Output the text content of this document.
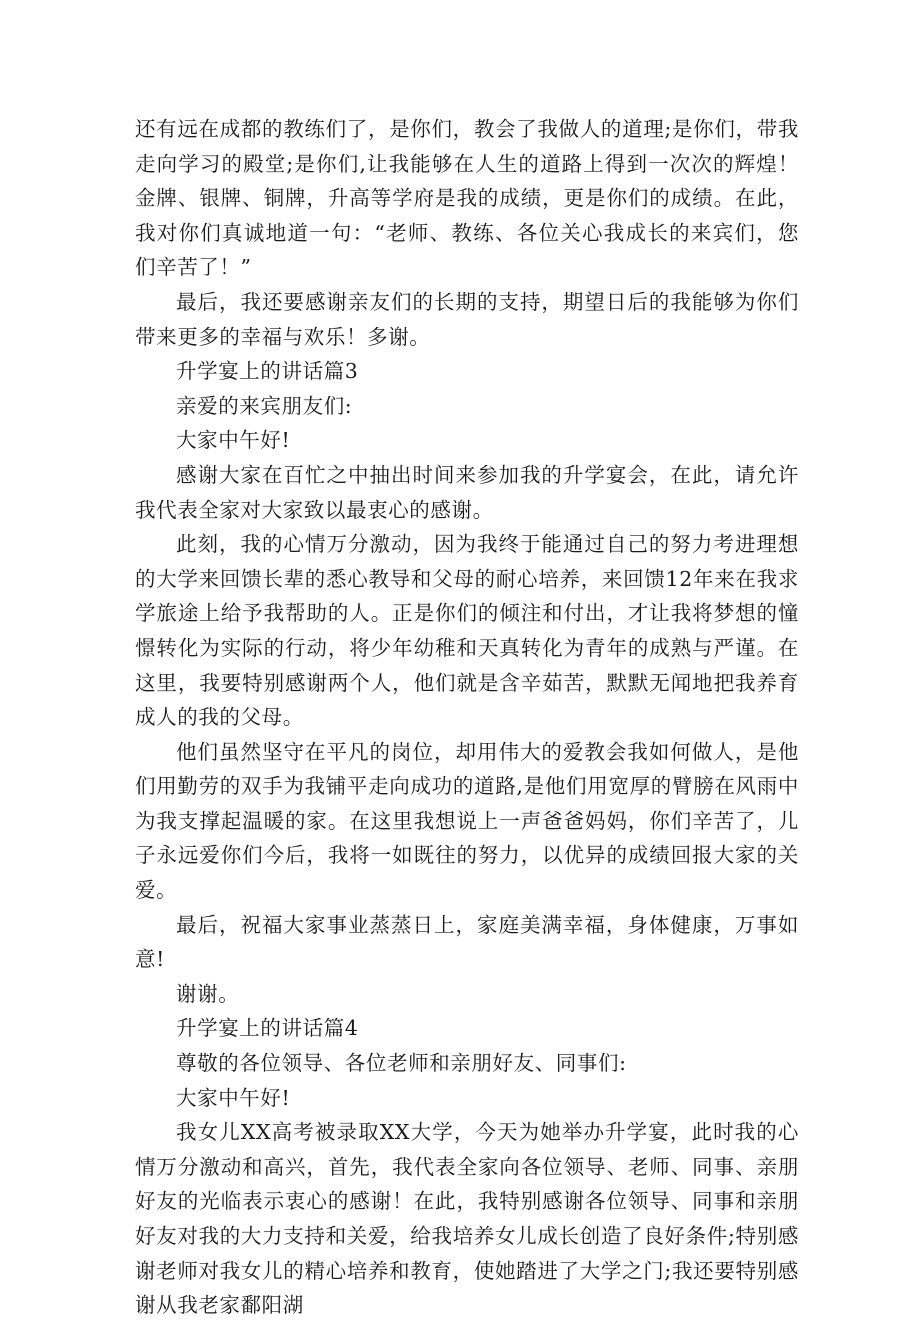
还有远在成都的教练们了，是你们，教会了我做人的道理;是你们，带我走向学习的殿堂;是你们,让我能够在人生的道路上得到一次次的辉煌！金牌、银牌、铜牌，升高等学府是我的成绩，更是你们的成绩。在此，我对你们真诚地道一句：“老师、教练、各位关心我成长的来宾们，您们辛苦了！”

最后，我还要感谢亲友们的长期的支持，期望日后的我能够为你们带来更多的幸福与欢乐！多谢。

升学宴上的讲话篇3

亲爱的来宾朋友们:

大家中午好!

感谢大家在百忙之中抽出时间来参加我的升学宴会，在此，请允许我代表全家对大家致以最衷心的感谢。

此刻，我的心情万分激动，因为我终于能通过自己的努力考进理想的大学来回馈长辈的悉心教导和父母的耐心培养，来回馈12年来在我求学旅途上给予我帮助的人。正是你们的倾注和付出，才让我将梦想的憧憬转化为实际的行动，将少年幼稚和天真转化为青年的成熟与严谨。在这里，我要特别感谢两个人，他们就是含辛茹苦，默默无闻地把我养育成人的我的父母。

他们虽然坚守在平凡的岗位，却用伟大的爱教会我如何做人，是他们用勤劳的双手为我铺平走向成功的道路,是他们用宽厚的臂膀在风雨中为我支撑起温暖的家。在这里我想说上一声爸爸妈妈，你们辛苦了，儿子永远爱你们今后，我将一如既往的努力，以优异的成绩回报大家的关爱。

最后，祝福大家事业蒸蒸日上，家庭美满幸福，身体健康，万事如意!

谢谢。

升学宴上的讲话篇4

尊敬的各位领导、各位老师和亲朋好友、同事们:

大家中午好!

我女儿XX高考被录取XX大学，今天为她举办升学宴，此时我的心情万分激动和高兴，首先，我代表全家向各位领导、老师、同事、亲朋好友的光临表示衷心的感谢！在此，我特别感谢各位领导、同事和亲朋好友对我的大力支持和关爱，给我培养女儿成长创造了良好条件;特别感谢老师对我女儿的精心培养和教育，使她踏进了大学之门;我还要特别感谢从我老家鄱阳湖
